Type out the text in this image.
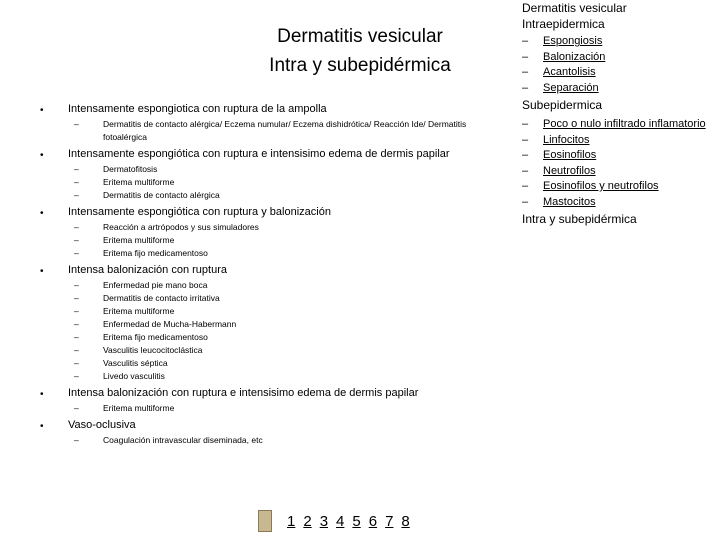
Dermatitis vesicular
Intra y subepidérmica
• Intensamente espongiotica con ruptura de la ampolla
–	Dermatitis de contacto alérgica/ Eczema numular/ Eczema dishidrótica/ Reacción Ide/ Dermatitis fotoalérgica
• Intensamente espongiótica con ruptura e intensisimo edema de dermis papilar
–	Dermatofitosis
–	Eritema multiforme
–	Dermatitis de contacto alérgica
• Intensamente espongiótica con ruptura y balonización
–	Reacción a artrópodos y sus simuladores
–	Eritema multiforme
–	Eritema fijo medicamentoso
• Intensa balonización con ruptura
–	Enfermedad pie mano boca
–	Dermatitis de contacto irritativa
–	Eritema multiforme
–	Enfermedad de Mucha-Habermann
–	Eritema fijo medicamentoso
–	Vasculitis leucocitoclástica
–	Vasculitis séptica
–	Livedo vasculitis
• Intensa balonización con ruptura e intensisimo edema de dermis papilar
–	Eritema multiforme
• Vaso-oclusiva
–	Coagulación intravascular diseminada, etc
Dermatitis vesicular
Intraepidermica
– Espongiosis
– Balonización
– Acantolisis
– Separación
Subepidermica
– Poco o nulo infiltrado inflamatorio
– Linfocitos
– Eosinofilos
– Neutrofilos
– Eosinofilos y neutrofilos
– Mastocitos
Intra y subepidérmica
1 2 3 4 5 6 7 8
